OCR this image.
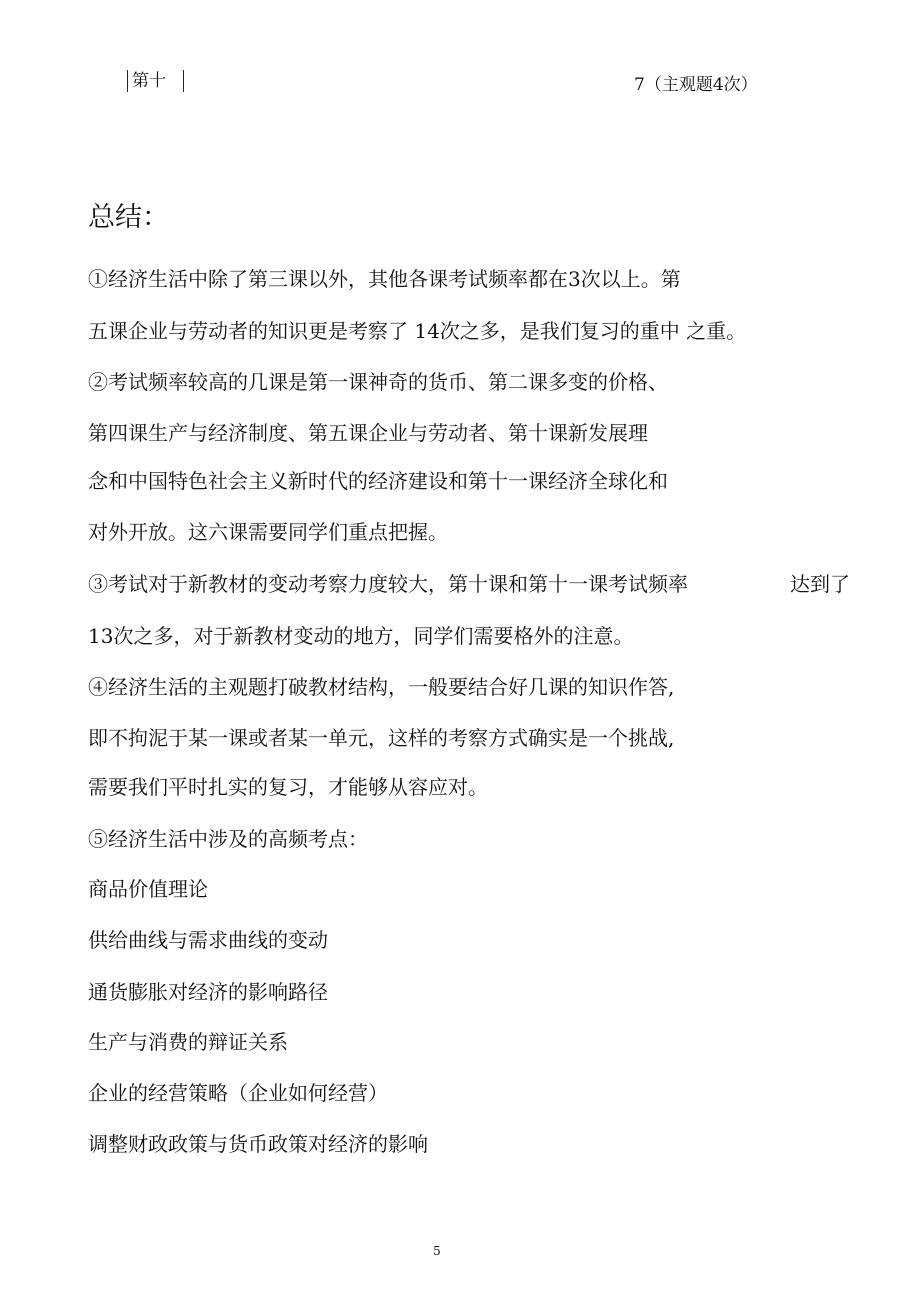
第十	7（主观题4次）
总结：
①经济生活中除了第三课以外，其他各课考试频率都在3次以上。第
五课企业与劳动者的知识更是考察了 14次之多，是我们复习的重中 之重。
②考试频率较高的几课是第一课神奇的货币、第二课多变的价格、
第四课生产与经济制度、第五课企业与劳动者、第十课新发展理
念和中国特色社会主义新时代的经济建设和第十一课经济全球化和
对外开放。这六课需要同学们重点把握。
③考试对于新教材的变动考察力度较大，第十课和第十一课考试频率	达到了
13次之多，对于新教材变动的地方，同学们需要格外的注意。
④经济生活的主观题打破教材结构，一般要结合好几课的知识作答,
即不拘泥于某一课或者某一单元，这样的考察方式确实是一个挑战,
需要我们平时扎实的复习，才能够从容应对。
⑤经济生活中涉及的高频考点：
商品价值理论
供给曲线与需求曲线的变动
通货膨胀对经济的影响路径
生产与消费的辩证关系
企业的经营策略（企业如何经营）
调整财政政策与货币政策对经济的影响
5
